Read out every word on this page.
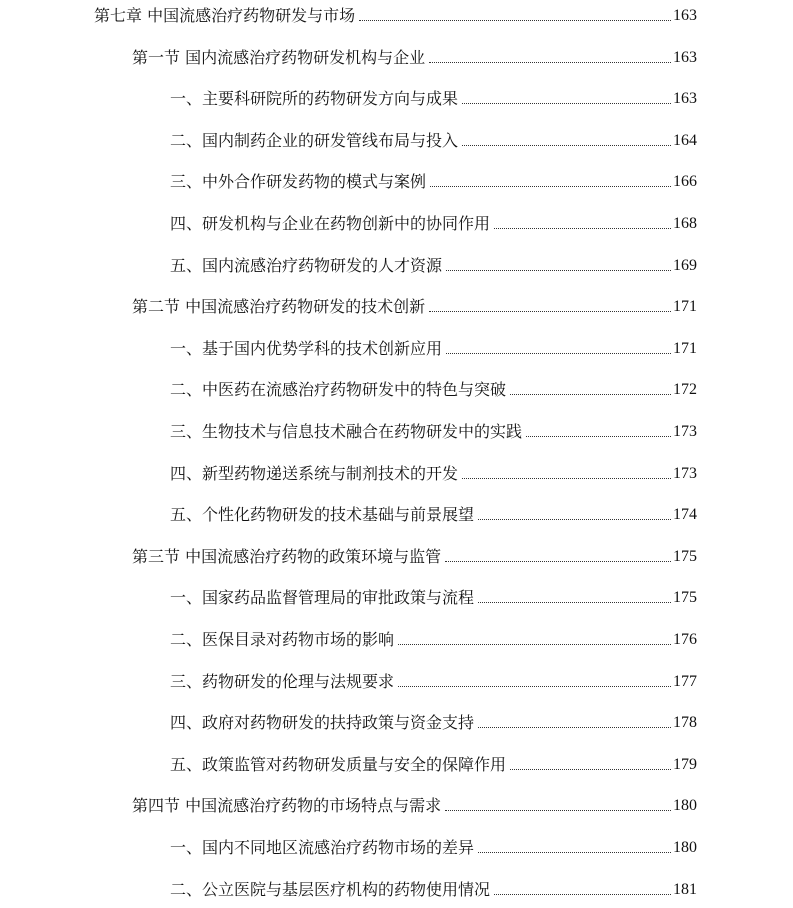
第七章 中国流感治疗药物研发与市场	163
第一节 国内流感治疗药物研发机构与企业	163
一、主要科研院所的药物研发方向与成果	163
二、国内制药企业的研发管线布局与投入	164
三、中外合作研发药物的模式与案例	166
四、研发机构与企业在药物创新中的协同作用	168
五、国内流感治疗药物研发的人才资源	169
第二节 中国流感治疗药物研发的技术创新	171
一、基于国内优势学科的技术创新应用	171
二、中医药在流感治疗药物研发中的特色与突破	172
三、生物技术与信息技术融合在药物研发中的实践	173
四、新型药物递送系统与制剂技术的开发	173
五、个性化药物研发的技术基础与前景展望	174
第三节 中国流感治疗药物的政策环境与监管	175
一、国家药品监督管理局的审批政策与流程	175
二、医保目录对药物市场的影响	176
三、药物研发的伦理与法规要求	177
四、政府对药物研发的扶持政策与资金支持	178
五、政策监管对药物研发质量与安全的保障作用	179
第四节 中国流感治疗药物的市场特点与需求	180
一、国内不同地区流感治疗药物市场的差异	180
二、公立医院与基层医疗机构的药物使用情况	181
